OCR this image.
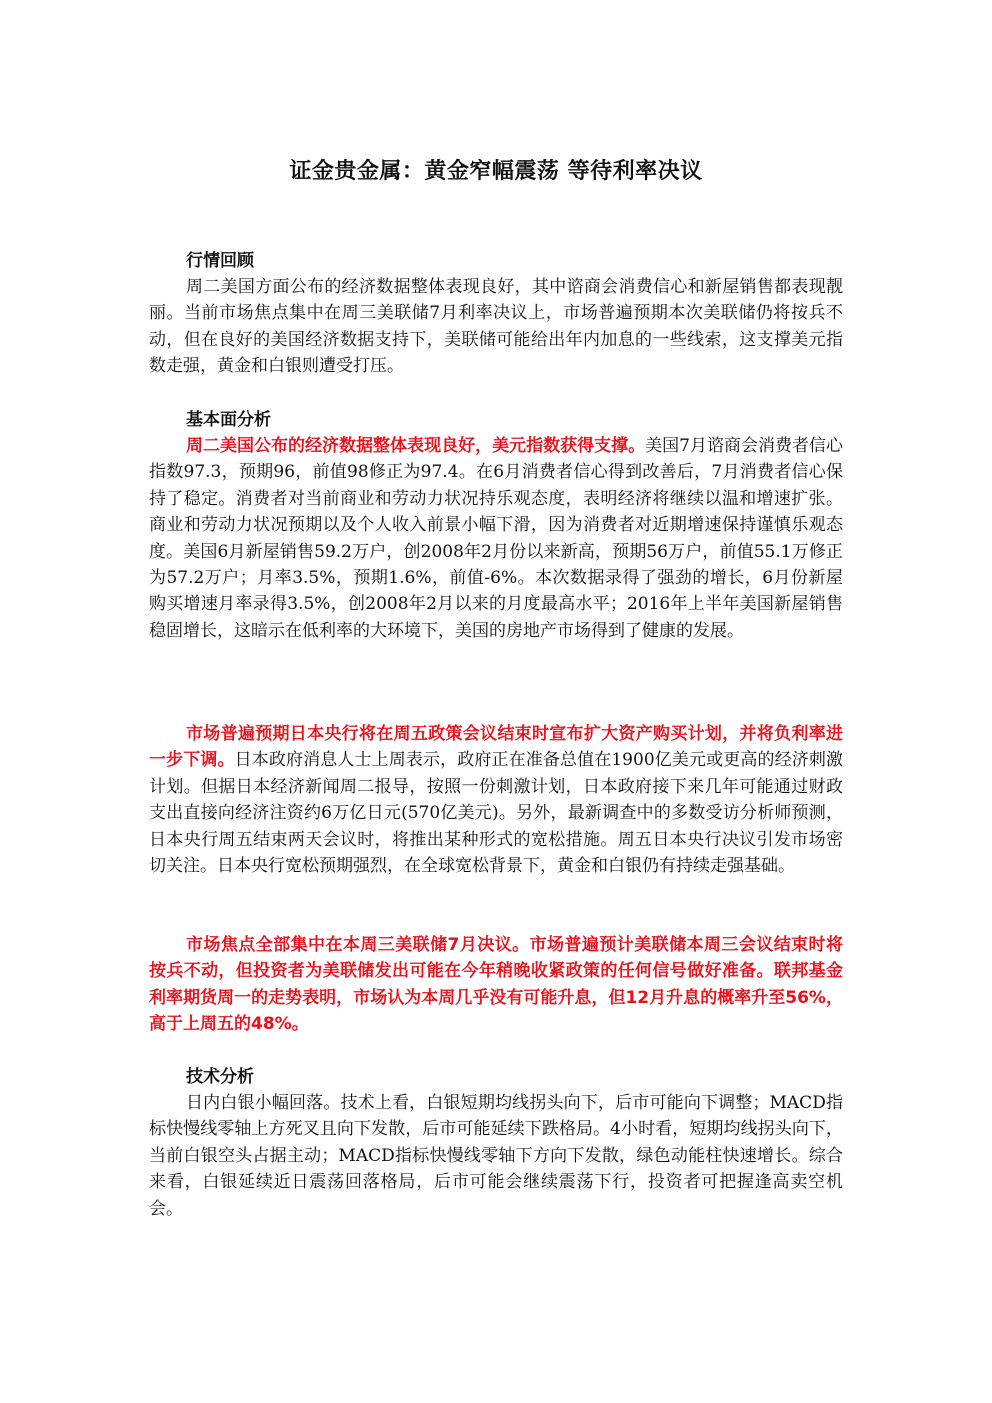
证金贵金属：黄金窄幅震荡 等待利率决议
行情回顾

周二美国方面公布的经济数据整体表现良好，其中谘商会消费信心和新屋销售都表现靓丽。当前市场焦点集中在周三美联储7月利率决议上，市场普遍预期本次美联储仍将按兵不动，但在良好的美国经济数据支持下，美联储可能给出年内加息的一些线索，这支撑美元指数走强，黄金和白银则遭受打压。

基本面分析

周二美国公布的经济数据整体表现良好，美元指数获得支撑。美国7月谘商会消费者信心指数97.3，预期96，前值98修正为97.4。在6月消费者信心得到改善后，7月消费者信心保持了稳定。消费者对当前商业和劳动力状况持乐观态度，表明经济将继续以温和增速扩张。商业和劳动力状况预期以及个人收入前景小幅下滑，因为消费者对近期增速保持谨慎乐观态度。美国6月新屋销售59.2万户，创2008年2月份以来新高，预期56万户，前值55.1万修正为57.2万户；月率3.5%，预期1.6%，前值-6%。本次数据录得了强劲的增长，6月份新屋购买增速月率录得3.5%，创2008年2月以来的月度最高水平；2016年上半年美国新屋销售稳固增长，这暗示在低利率的大环境下，美国的房地产市场得到了健康的发展。

市场普遍预期日本央行将在周五政策会议结束时宣布扩大资产购买计划，并将负利率进一步下调。日本政府消息人士上周表示，政府正在准备总值在1900亿美元或更高的经济刺激计划。但据日本经济新闻周二报导，按照一份刺激计划，日本政府接下来几年可能通过财政支出直接向经济注资约6万亿日元(570亿美元)。另外，最新调查中的多数受访分析师预测，日本央行周五结束两天会议时，将推出某种形式的宽松措施。周五日本央行决议引发市场密切关注。日本央行宽松预期强烈，在全球宽松背景下，黄金和白银仍有持续走强基础。

市场焦点全部集中在本周三美联储7月决议。市场普遍预计美联储本周三会议结束时将按兵不动，但投资者为美联储发出可能在今年稍晚收紧政策的任何信号做好准备。联邦基金利率期货周一的走势表明，市场认为本周几乎没有可能升息，但12月升息的概率升至56%，高于上周五的48%。

技术分析

日内白银小幅回落。技术上看，白银短期均线拐头向下，后市可能向下调整；MACD指标快慢线零轴上方死叉且向下发散，后市可能延续下跌格局。4小时看，短期均线拐头向下，当前白银空头占据主动；MACD指标快慢线零轴下方向下发散，绿色动能柱快速增长。综合来看，白银延续近日震荡回落格局，后市可能会继续震荡下行，投资者可把握逢高卖空机会。
